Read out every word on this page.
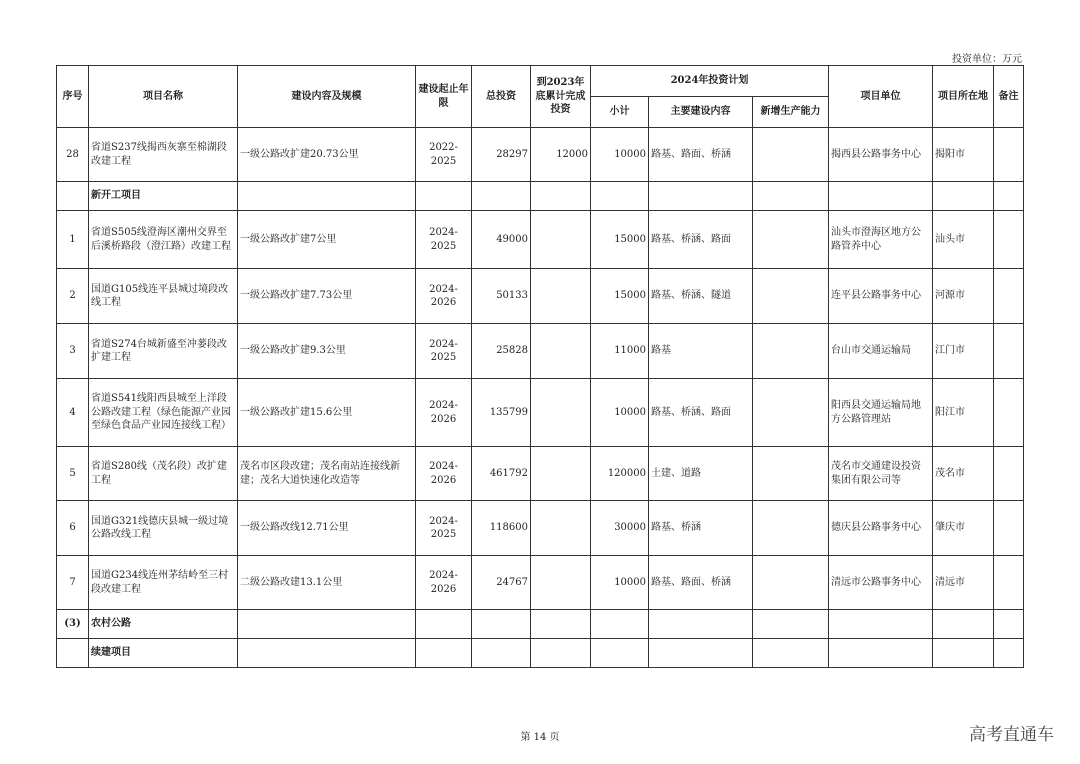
投资单位：万元
序号	项目名称	建设内容及规模	建设起止年限	总投资	到2023年底累计完成投资	2024年投资计划			项目单位	项目所在地	备注
						小计	主要建设内容	新增生产能力			
28	省道S237线揭西灰寨至棉湖段改建工程	一级公路改扩建20.73公里	2022-2025	28297	12000	10000	路基、路面、桥涵		揭西县公路事务中心	揭阳市	
	新开工项目										
1	省道S505线澄海区潮州交界至后溪桥路段（澄江路）改建工程	一级公路改扩建7公里	2024-2025	49000		15000	路基、桥涵、路面		汕头市澄海区地方公路管养中心	汕头市	
2	国道G105线连平县城过境段改线工程	一级公路改扩建7.73公里	2024-2026	50133		15000	路基、桥涵、隧道		连平县公路事务中心	河源市	
3	省道S274台城新盛至冲蒌段改扩建工程	一级公路改扩建9.3公里	2024-2025	25828		11000	路基		台山市交通运输局	江门市	
4	省道S541线阳西县城至上洋段公路改建工程（绿色能源产业园至绿色食品产业园连接线工程）	一级公路改扩建15.6公里	2024-2026	135799		10000	路基、桥涵、路面		阳西县交通运输局地方公路管理站	阳江市	
5	省道S280线（茂名段）改扩建工程	茂名市区段改建；茂名南站连接线新建；茂名大道快速化改造等	2024-2026	461792		120000	土建、道路		茂名市交通建设投资集团有限公司等	茂名市	
6	国道G321线德庆县城一级过境公路改线工程	一级公路改线12.71公里	2024-2025	118600		30000	路基、桥涵		德庆县公路事务中心	肇庆市	
7	国道G234线连州茅结岭至三村段改建工程	二级公路改建13.1公里	2024-2026	24767		10000	路基、路面、桥涵		清远市公路事务中心	清远市	
(3)	农村公路										
	续建项目										
第 14 页	高考直通车
